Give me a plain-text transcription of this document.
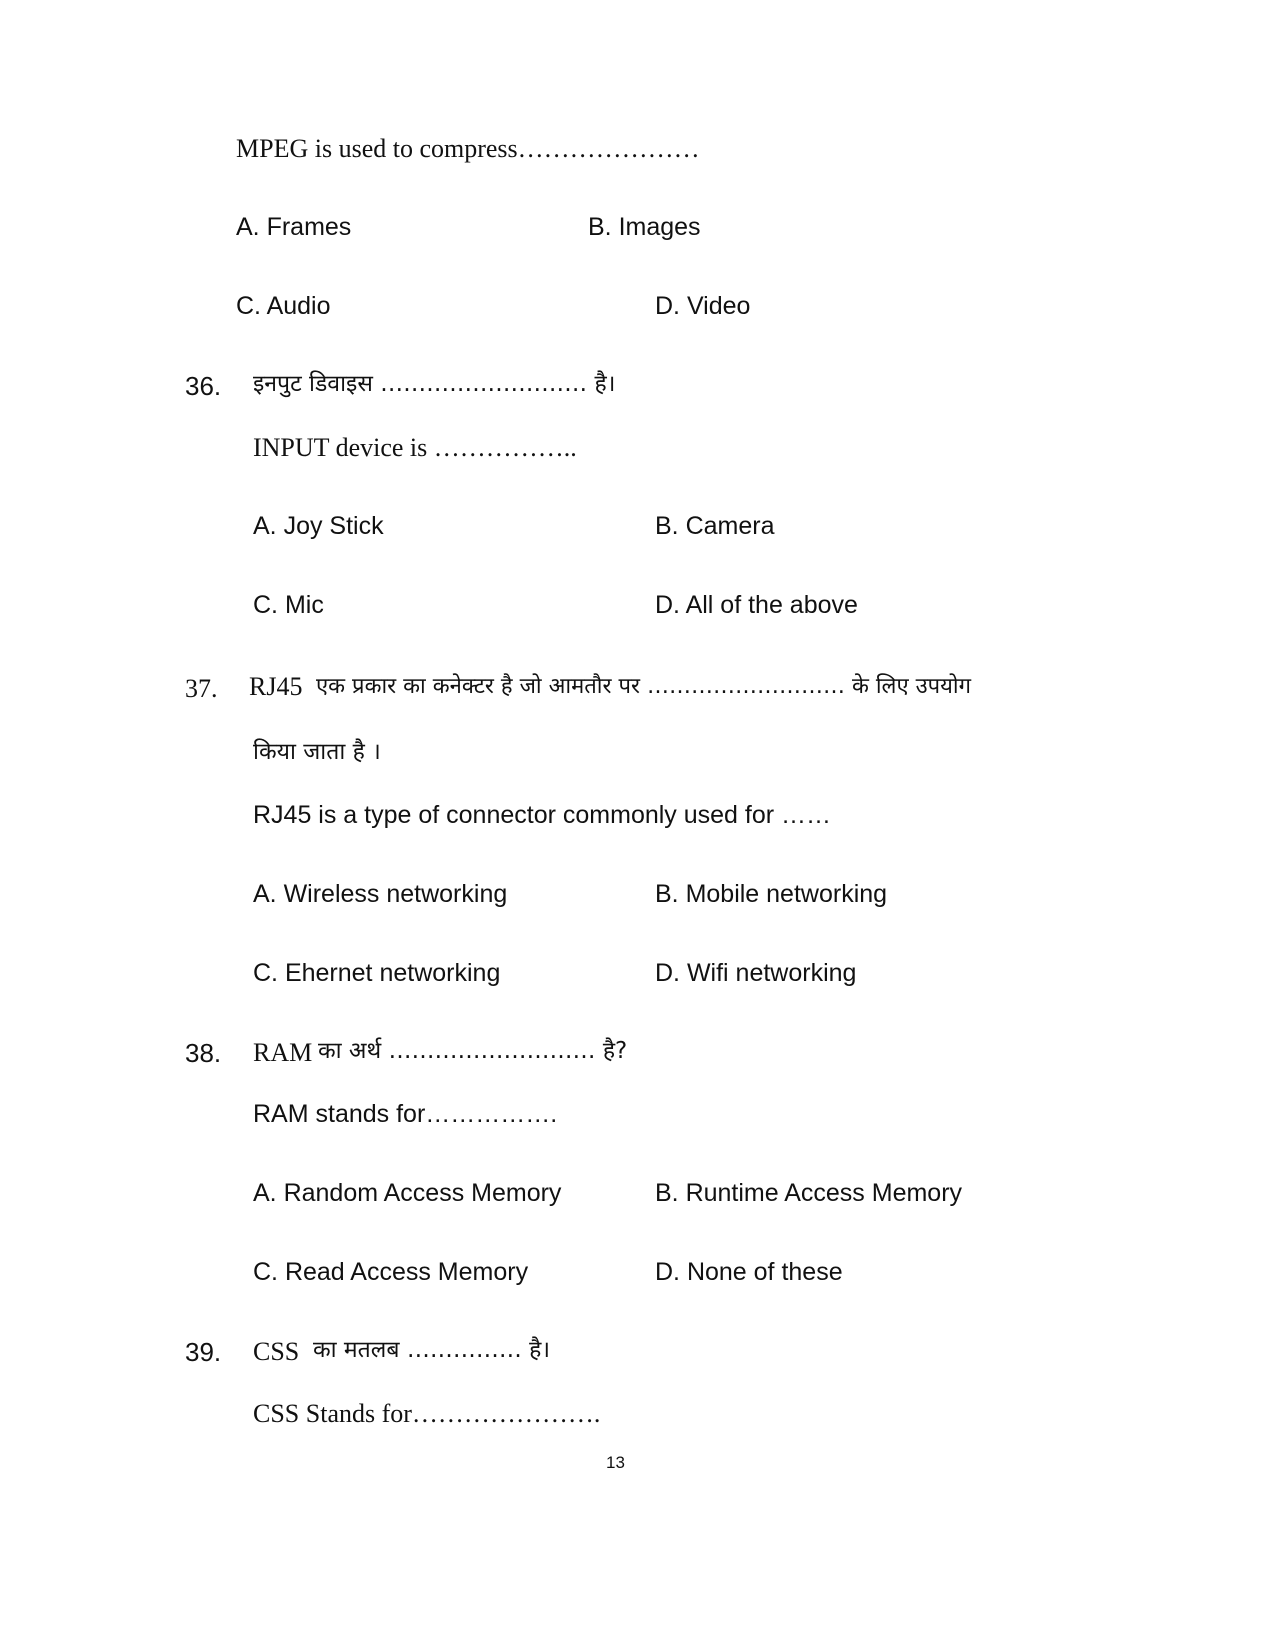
MPEG is used to compress…………………
A. Frames	B. Images
C. Audio	D. Video
36. इनपुट डिवाइस ……………………… है।
INPUT device is ……………..
A. Joy Stick	B. Camera
C. Mic	D. All of the above
37. RJ45 एक प्रकार का कनेक्टर है जो आमतौर पर ……………………… के लिए उपयोग
किया जाता है ।
RJ45 is a type of connector commonly used for ……
A. Wireless networking	B. Mobile networking
C. Ehernet networking	D. Wifi networking
38. RAM का अर्थ ……………………… है?
RAM stands for…………….
A. Random Access Memory	B. Runtime Access Memory
C. Read Access Memory	D. None of these
39. CSS का मतलब …………… है।
CSS Stands for………………….
13
